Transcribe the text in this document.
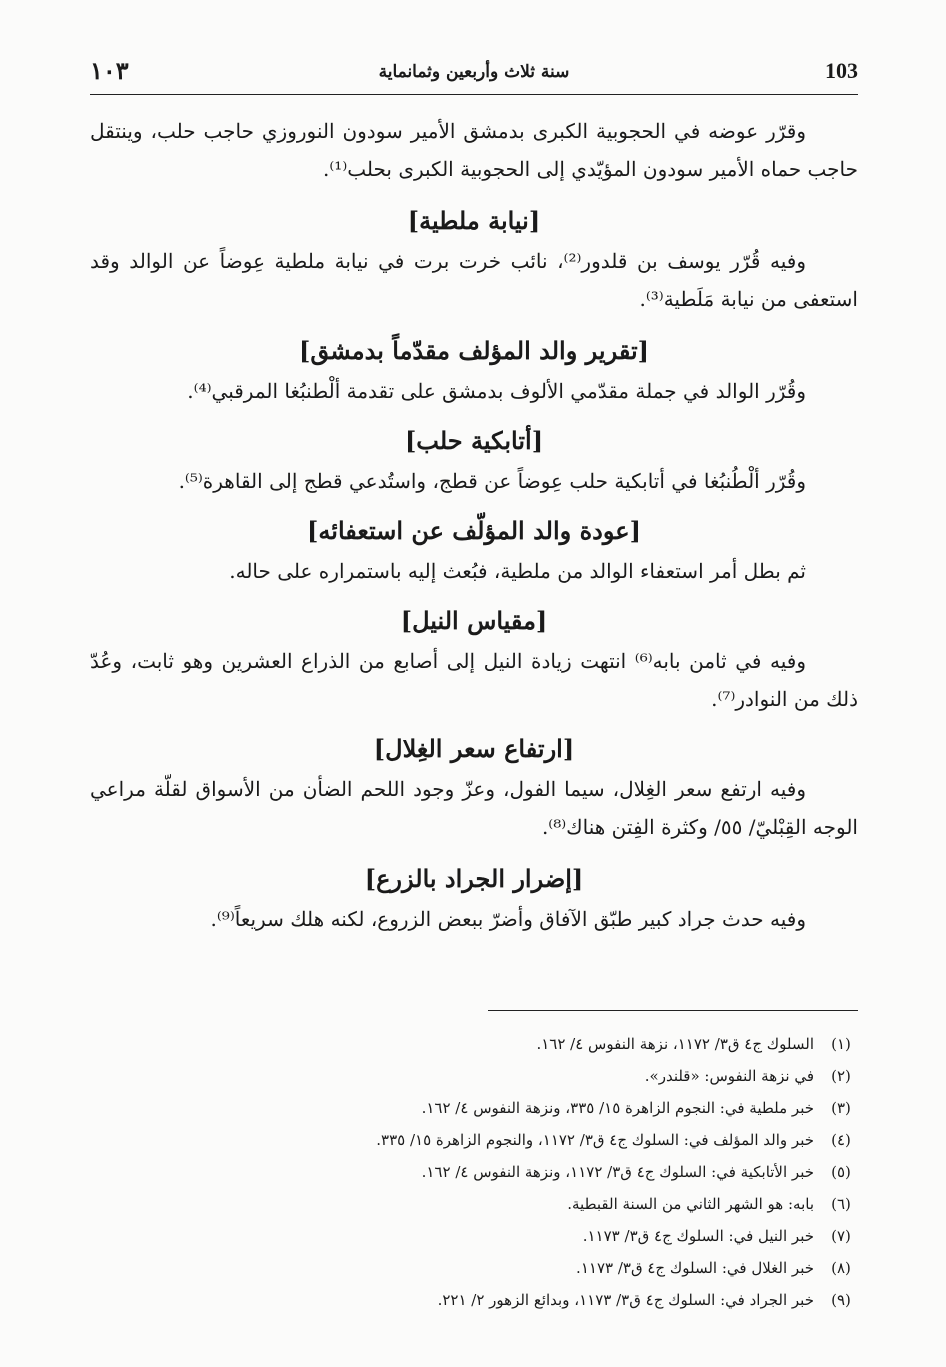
١٠٣	سنة ثلاث وأربعين وثمانماية	103

وقرّر عوضه في الحجوبية الكبرى بدمشق الأمير سودون النوروزي حاجب حلب، وينتقل حاجب حماه الأمير سودون المؤيّدي إلى الحجوبية الكبرى بحلب⁽¹⁾.

[نيابة ملطية]

وفيه قُرّر يوسف بن قلدور⁽²⁾، نائب خرت برت في نيابة ملطية عِوضاً عن الوالد وقد استعفى من نيابة مَلَطية⁽³⁾.

[تقرير والد المؤلف مقدّماً بدمشق]

وقُرّر الوالد في جملة مقدّمي الألوف بدمشق على تقدمة ألْطنبُغا المرقبي⁽⁴⁾.

[أتابكية حلب]

وقُرّر ألْطُنبُغا في أتابكية حلب عِوضاً عن قطج، واستُدعي قطج إلى القاهرة⁽⁵⁾.

[عودة والد المؤلّف عن استعفائه]

ثم بطل أمر استعفاء الوالد من ملطية، فبُعث إليه باستمراره على حاله.

[مقياس النيل]

وفيه في ثامن بابه⁽⁶⁾ انتهت زيادة النيل إلى أصابع من الذراع العشرين وهو ثابت، وعُدّ ذلك من النوادر⁽⁷⁾.

[ارتفاع سعر الغِلال]

وفيه ارتفع سعر الغِلال، سيما الفول، وعزّ وجود اللحم الضأن من الأسواق لقلّة مراعي الوجه القِبْليّ/ ٥٥/ وكثرة الفِتن هناك⁽⁸⁾.

[إضرار الجراد بالزرع]

وفيه حدث جراد كبير طبّق الآفاق وأضرّ ببعض الزروع، لكنه هلك سريعاً⁽⁹⁾.

(١)
السلوك ج٤ ق٣/ ١١٧٢، نزهة النفوس ٤/ ١٦٢.

(٢)
في نزهة النفوس: «قلندر».

(٣)
خبر ملطية في: النجوم الزاهرة ١٥/ ٣٣٥، ونزهة النفوس ٤/ ١٦٢.

(٤)
خبر والد المؤلف في: السلوك ج٤ ق٣/ ١١٧٢، والنجوم الزاهرة ١٥/ ٣٣٥.

(٥)
خبر الأتابكية في: السلوك ج٤ ق٣/ ١١٧٢، ونزهة النفوس ٤/ ١٦٢.

(٦)
بابه: هو الشهر الثاني من السنة القبطية.

(٧)
خبر النيل في: السلوك ج٤ ق٣/ ١١٧٣.

(٨)
خبر الغلال في: السلوك ج٤ ق٣/ ١١٧٣.

(٩)
خبر الجراد في: السلوك ج٤ ق٣/ ١١٧٣، وبدائع الزهور ٢/ ٢٢١.
